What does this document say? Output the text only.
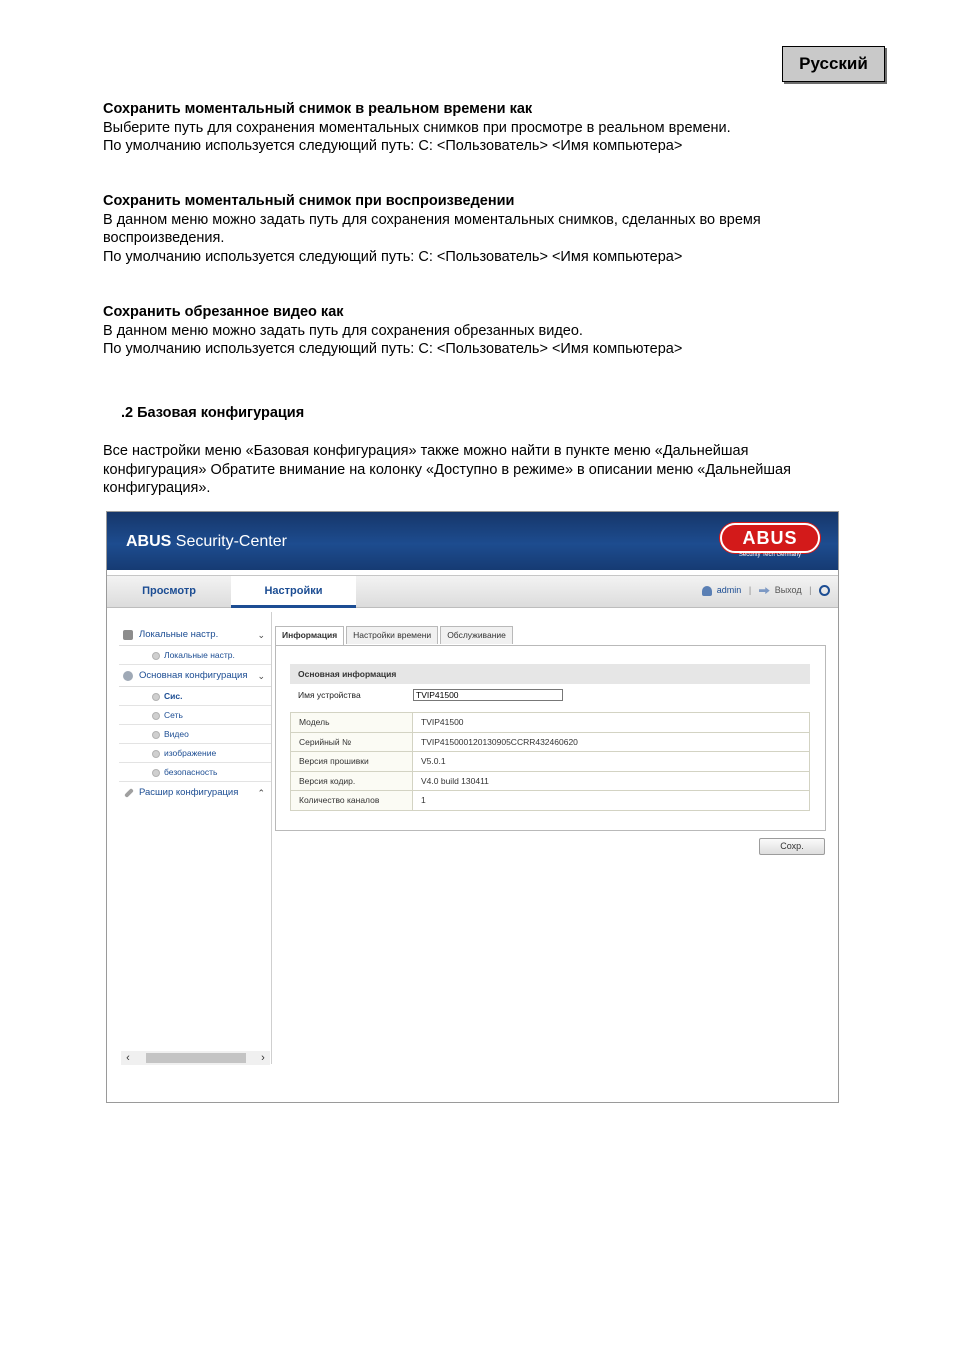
Русский
Сохранить моментальный снимок в реальном времени как
Выберите путь для сохранения моментальных снимков при просмотре в реальном времени.
По умолчанию используется следующий путь: C: <Пользователь> <Имя компьютера>
Сохранить моментальный снимок при воспроизведении
В данном меню можно задать путь для сохранения моментальных снимков, сделанных во время
воспроизведения.
По умолчанию используется следующий путь: C: <Пользователь> <Имя компьютера>
Сохранить обрезанное видео как
В данном меню можно задать путь для сохранения обрезанных видео.
По умолчанию используется следующий путь: C: <Пользователь> <Имя компьютера>
.2 Базовая конфигурация
Все настройки меню «Базовая конфигурация» также можно найти в пункте меню «Дальнейшая
конфигурация» Обратите внимание на колонку «Доступно в режиме» в описании меню «Дальнейшая
конфигурация».
ABUS Security-Center	ABUS
Security Tech Germany
Просмотр	Настройки	admin |	Выход |
Локальные настр.	⌄
Локальные настр.
Основная конфигурация ⌄
Сис.
Сеть
Видео
изображение
безопасность
Расшир конфигурация ⌃
‹	›
Информация	Настройки времени	Обслуживание
Основная информация
Имя устройства
TVIP41500
Модель	TVIP41500
Серийный №	TVIP415000120130905CCRR432460620
Версия прошивки	V5.0.1
Версия кодир.	V4.0 build 130411
Количество каналов	1
Сохр.
